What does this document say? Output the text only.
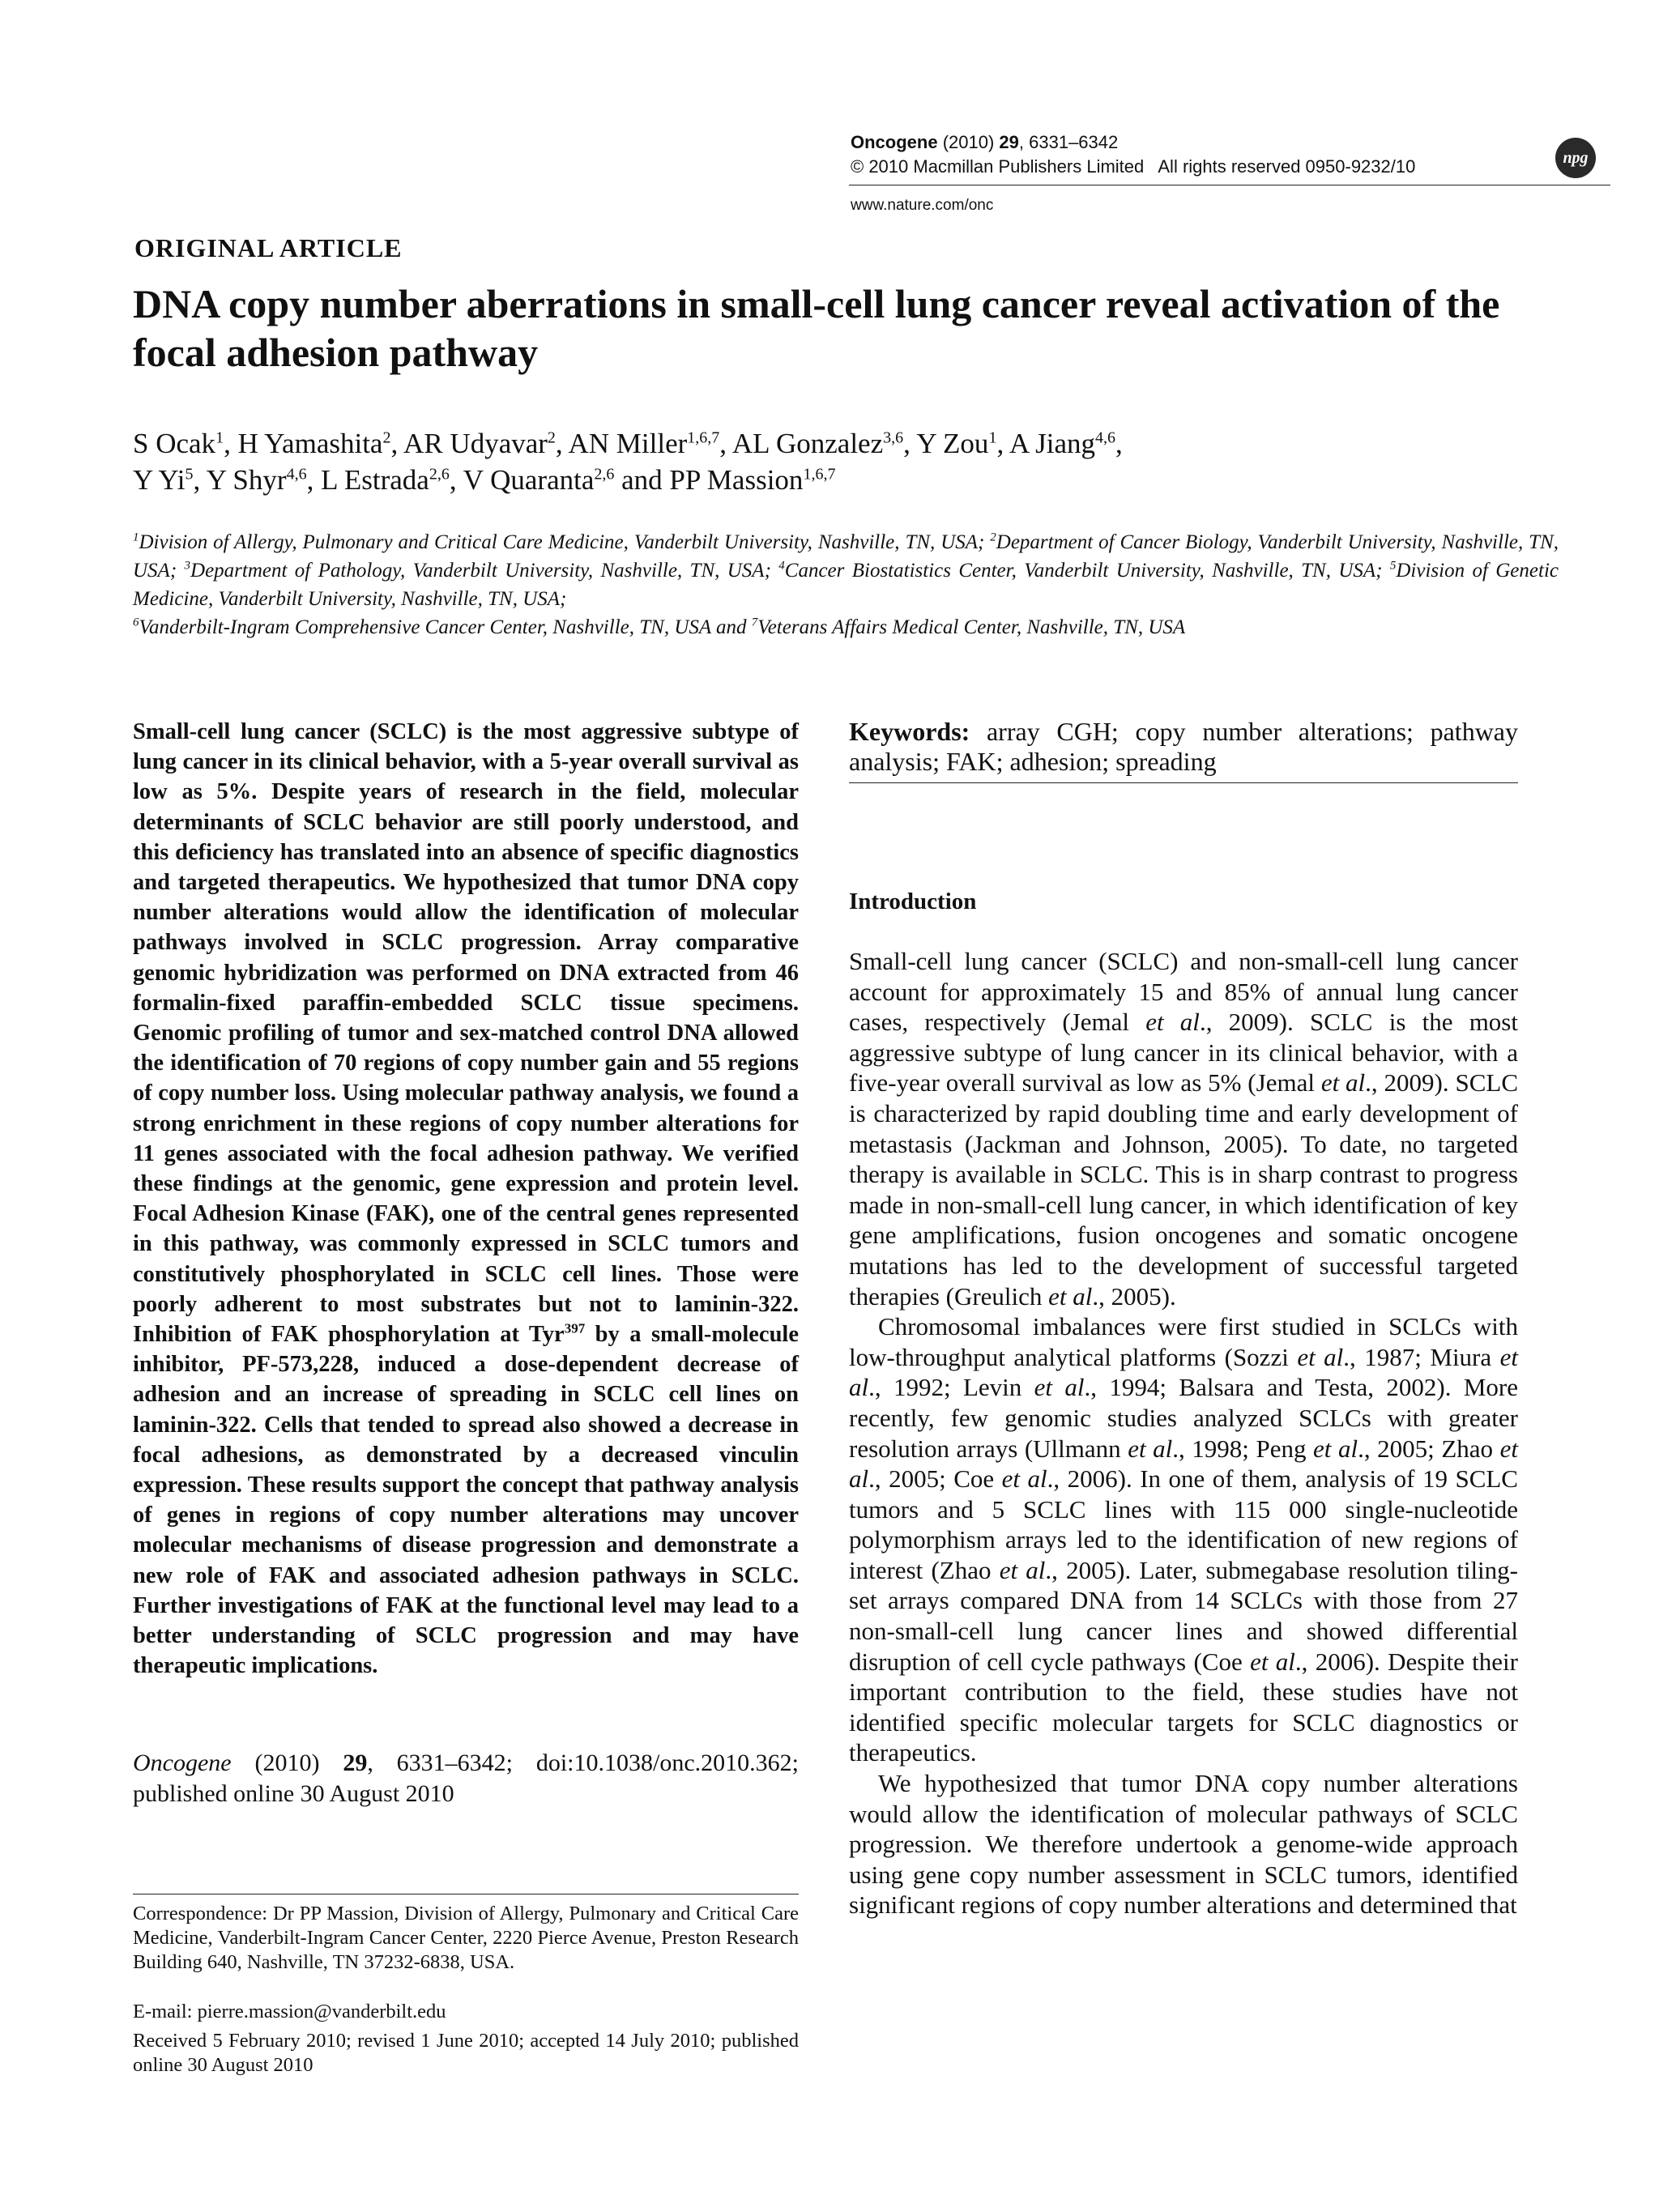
Oncogene (2010) 29, 6331–6342
© 2010 Macmillan Publishers Limited   All rights reserved 0950-9232/10
www.nature.com/onc
npg
ORIGINAL ARTICLE
DNA copy number aberrations in small-cell lung cancer reveal activation of the focal adhesion pathway
S Ocak$^1$, H Yamashita$^2$, AR Udyavar$^2$, AN Miller$^{1,6,7}$, AL Gonzalez$^{3,6}$, Y Zou$^1$, A Jiang$^{4,6}$,
Y Yi$^5$, Y Shyr$^{4,6}$, L Estrada$^{2,6}$, V Quaranta$^{2,6}$ and PP Massion$^{1,6,7}$
$^1$Division of Allergy, Pulmonary and Critical Care Medicine, Vanderbilt University, Nashville, TN, USA; $^2$Department of Cancer Biology, Vanderbilt University, Nashville, TN, USA; $^3$Department of Pathology, Vanderbilt University, Nashville, TN, USA; $^4$Cancer Biostatistics Center, Vanderbilt University, Nashville, TN, USA; $^5$Division of Genetic Medicine, Vanderbilt University, Nashville, TN, USA;
$^6$Vanderbilt-Ingram Comprehensive Cancer Center, Nashville, TN, USA and $^7$Veterans Affairs Medical Center, Nashville, TN, USA
Small-cell lung cancer (SCLC) is the most aggressive subtype of lung cancer in its clinical behavior, with a 5-year overall survival as low as 5%. Despite years of research in the field, molecular determinants of SCLC behavior are still poorly understood, and this deficiency has translated into an absence of specific diagnostics and targeted therapeutics. We hypothesized that tumor DNA copy number alterations would allow the identification of molecular pathways involved in SCLC progression. Array comparative genomic hybridization was performed on DNA extracted from 46 formalin-fixed paraffin-embedded SCLC tissue specimens. Genomic profiling of tumor and sex-matched control DNA allowed the identification of 70 regions of copy number gain and 55 regions of copy number loss. Using molecular pathway analysis, we found a strong enrichment in these regions of copy number alterations for 11 genes associated with the focal adhesion pathway. We verified these findings at the genomic, gene expression and protein level. Focal Adhesion Kinase (FAK), one of the central genes represented in this pathway, was commonly expressed in SCLC tumors and constitutively phosphorylated in SCLC cell lines. Those were poorly adherent to most substrates but not to laminin-322. Inhibition of FAK phosphorylation at Tyr$^{397}$ by a small-molecule inhibitor, PF-573,228, induced a dose-dependent decrease of adhesion and an increase of spreading in SCLC cell lines on laminin-322. Cells that tended to spread also showed a decrease in focal adhesions, as demonstrated by a decreased vinculin expression. These results support the concept that pathway analysis of genes in regions of copy number alterations may uncover molecular mechanisms of disease progression and demonstrate a new role of FAK and associated adhesion pathways in SCLC. Further investigations of FAK at the functional level may lead to a better understanding of SCLC progression and may have therapeutic implications.
Oncogene (2010) 29, 6331–6342; doi:10.1038/onc.2010.362; published online 30 August 2010
Correspondence: Dr PP Massion, Division of Allergy, Pulmonary and Critical Care Medicine, Vanderbilt-Ingram Cancer Center, 2220 Pierce Avenue, Preston Research Building 640, Nashville, TN 37232-6838, USA.
E-mail: pierre.massion@vanderbilt.edu
Received 5 February 2010; revised 1 June 2010; accepted 14 July 2010; published online 30 August 2010
Keywords: array CGH; copy number alterations; pathway analysis; FAK; adhesion; spreading
Introduction

Small-cell lung cancer (SCLC) and non-small-cell lung cancer account for approximately 15 and 85% of annual lung cancer cases, respectively (Jemal et al., 2009). SCLC is the most aggressive subtype of lung cancer in its clinical behavior, with a five-year overall survival as low as 5% (Jemal et al., 2009). SCLC is characterized by rapid doubling time and early development of metastasis (Jackman and Johnson, 2005). To date, no targeted therapy is available in SCLC. This is in sharp contrast to progress made in non-small-cell lung cancer, in which identification of key gene amplifications, fusion oncogenes and somatic oncogene mutations has led to the development of successful targeted therapies (Greulich et al., 2005).

Chromosomal imbalances were first studied in SCLCs with low-throughput analytical platforms (Sozzi et al., 1987; Miura et al., 1992; Levin et al., 1994; Balsara and Testa, 2002). More recently, few genomic studies analyzed SCLCs with greater resolution arrays (Ullmann et al., 1998; Peng et al., 2005; Zhao et al., 2005; Coe et al., 2006). In one of them, analysis of 19 SCLC tumors and 5 SCLC lines with 115 000 single-nucleotide polymorphism arrays led to the identification of new regions of interest (Zhao et al., 2005). Later, submegabase resolution tiling-set arrays compared DNA from 14 SCLCs with those from 27 non-small-cell lung cancer lines and showed differential disruption of cell cycle pathways (Coe et al., 2006). Despite their important contribution to the field, these studies have not identified specific molecular targets for SCLC diagnostics or therapeutics.

We hypothesized that tumor DNA copy number alterations would allow the identification of molecular pathways of SCLC progression. We therefore undertook a genome-wide approach using gene copy number assessment in SCLC tumors, identified significant regions of copy number alterations and determined that
